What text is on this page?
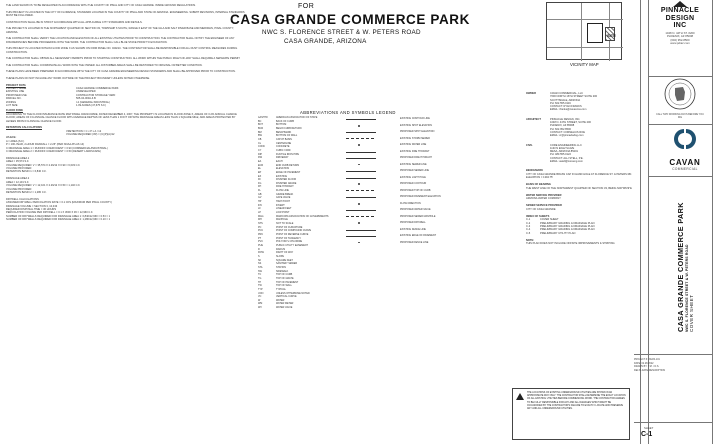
THE LAND SHOWN IS TO BE DEVELOPED IN ACCORDANCE WITH THE COUNTY OF PINAL AND CITY OF CASA GRANDE. INSIDE GROUND REGULATIONS.
THIS PROJECT IS LOCATED IN THE CITY OF FLORENCE, STANDARD LOCATED IN THE COUNTY OF PINAL AND STATE OF ARIZONA. ENGINEERING. SUBMIT REVISIONS, INTERNAL STANDARDS MUST BE FOLLOWED.
CONSTRUCTION SHALL BE IN STRICT ACCORDANCE WITH ALL APPLICABLE CITY STANDARDS AND DETAILS.
THE PROJECT IS LOCATED IN THE NORTHWEST QUARTER OF SECTION 33, TOWNSHIP 6 SOUTH, RANGE 6 EAST OF THE GILA AND SALT RIVER BASE AND MERIDIAN, PINAL COUNTY, ARIZONA.
THE CONTRACTOR SHALL VERIFY THE LOCATION AND ELEVATION OF ALL EXISTING UTILITIES PRIOR TO CONSTRUCTION. THE CONTRACTOR SHALL NOTIFY THE ENGINEER OF ANY DISCREPANCIES BEFORE PROCEEDING WITH THE WORK. THE CONTRACTOR SHALL CALL BLUE STAKE PRIOR TO EXCAVATION.
THIS PROJECT IS LOCATED WITHIN FLOOD ZONE X AS SHOWN ON FIRM PANEL NO. 04021C. THE CONTRACTOR SHALL BE RESPONSIBLE FOR ALL DUST CONTROL MEASURES DURING CONSTRUCTION.
THE CONTRACTOR SHALL OBTAIN ALL NECESSARY PERMITS PRIOR TO STARTING CONSTRUCTION. ALL WORK WITHIN THE PUBLIC RIGHT-OF-WAY SHALL REQUIRE A SEPARATE PERMIT.
THE CONTRACTOR SHALL COORDINATE ALL WORK WITH THE OWNER. ALL DISTURBED AREAS SHALL BE RESTORED TO ORIGINAL OR BETTER CONDITION.
THESE PLANS HAVE BEEN PREPARED IN ACCORDANCE WITH THE CITY OF CASA GRANDE ENGINEERING DESIGN STANDARDS AND SHALL BE APPROVED PRIOR TO CONSTRUCTION.
THESE PLANS DO NOT INCLUDE ANY WORK OUTSIDE OF THE PROJECT BOUNDARY UNLESS NOTED OTHERWISE.
PROJECT DATA
PROJECT NAME	CASA GRANDE COMMERCE PARK
EXISTING USE	UNDEVELOPED
PROPOSED USE	CONTRACTOR STORAGE YARD
PARCEL NO.	505-04-003A & B
ZONING	I-2 (GENERAL INDUSTRIAL)
LOT SIZE	1.09 ACRES (47,675 S.F.)
FLOOD ZONE
ACCORDING TO THE FLOOD INSURANCE RATE MAP PANEL 04021C0460E, DATED DECEMBER 4, 2007, THE PROPERTY IS LOCATED IN FLOOD ZONE X, AREAS OF 0.2% ANNUAL CHANCE FLOOD; AREAS OF 1% ANNUAL CHANCE FLOOD WITH AVERAGE DEPTHS OF LESS THAN 1 FOOT OR WITH DRAINAGE AREAS LESS THAN 1 SQUARE MILE; AND AREAS PROTECTED BY LEVEES FROM 1% ANNUAL CHANCE FLOOD.
RETENTION CALCULATIONS
VRETENTION = C x P x A / 12
VOLUME REQUIRED (VR) = (C)(P)(A)/12
WHERE:
A = AREA (S.F.)
P = 100-YEAR, 2-HOUR RAINFALL = 2.26" (PER NOAA ATLAS 14)
C DRAINAGE AREA 1 = RUNOFF COEFFICIENT = 0.90 (COMMERCIAL/INDUSTRIAL)
C DRAINAGE AREA 2 = RUNOFF COEFFICIENT = 0.50 (DESERT LANDSCAPE)
DRAINAGE AREA 1
AREA = 35,574 S.F.
VOLUME REQUIRED: V = 35,574 X 2.26/12 X 0.90 = 6,033 C.F.
VOLUME PROVIDED:
RETENTION BASIN 1 = 6,840 C.F.
DRAINAGE AREA 2
AREA = 12,101 S.F.
VOLUME REQUIRED: V = 12,101 X 2.26/12 X 0.50 = 1,140 C.F.
VOLUME PROVIDED:
RETENTION BASIN 2 = 1,280 C.F.
DRYWELL CALCULATIONS
ASSUMED DRYWELL PERCOLATION RATE = 0.1 CFS (MAXIMUM PER PINAL COUNTY)
DRAINAGE VOLUME = SECTION 3, 10,433
REQUIRED DISPOSAL TIME = 36 HOURS
PERCOLATION VOLUME PER DRYWELL = 0.1 X 3600 X 36 = 12,960 C.F.
NUMBER OF DRYWELLS REQUIRED FOR DRAINAGE AREA 1: 6,840/12,960 = 0.53 = 1
NUMBER OF DRYWELLS REQUIRED FOR DRAINAGE AREA 2: 1,280/12,960 = 0.10 = 1
FOR
CASA GRANDE COMMERCE PARK
NWC S. FLORENCE STREET & W. PETERS ROAD
CASA GRANDE, ARIZONA
SITE
VICINITY MAP
PINNACLE
DESIGN
INC
1048 N. 44TH ST. #200
PHOENIX, AZ 85008
(602) 952-8500
www.pdiaz.com
CALL TWO WORKING DAYS BEFORE YOU DIG
CAVAN
COMMERCIAL
CASA GRANDE COMMERCE PARK NWC S. FLORENCE STREET & W. PETERS ROAD COVER SHEET
ABBREVIATIONS AND SYMBOLS LEGEND
AASHTO	AMERICAN ASSOCIATION OF STATE
BC	BACK OF CURB
BOT	BOTTOM
BCR	BEGIN CURB RETURN
BM	BENCHMARK
BW	BOTTOM OF WALL
CB	CATCH BASIN
CL	CENTERLINE
CONC	CONCRETE
CY	CUBIC YARD
DIP	DUCTILE IRON PIPE
DW	DRIVEWAY
EA	EACH
ECR	END CURB RETURN
EL	ELEVATION
EP	EDGE OF PAVEMENT
EX	EXISTING
FF	FINISHED FLOOR
FG	FINISHED GRADE
FH	FIRE HYDRANT
FL	FLOW LINE
GB	GRADE BREAK
GV	GATE VALVE
HP	HIGH POINT
INV	INVERT
LF	LINEAR FEET
LP	LOW POINT
MAG	MARICOPA ASSOCIATION OF GOVERNMENTS
MH	MANHOLE
NTS	NOT TO SCALE
PC	POINT OF CURVATURE
PCC	POINT OF COMPOUND CURVE
PRC	POINT OF REVERSE CURVE
PT	POINT OF TANGENCY
PVC	POLYVINYL CHLORIDE
PUE	PUBLIC UTILITY EASEMENT
R	RADIUS
ROW	RIGHT OF WAY
S	SLOPE
SF	SQUARE FEET
SS	SANITARY SEWER
STA	STATION
SW	SIDEWALK
TC	TOP OF CURB
TG	TOP OF GRATE
TP	TOP OF PAVEMENT
TW	TOP OF WALL
TYP	TYPICAL
UON	UNLESS OTHERWISE NOTED
VC	VERTICAL CURVE
W	WATER
WM	WATER METER
WV	WATER VALVE
EXISTING CONTOUR LINE
EXISTING SPOT ELEVATION
PROPOSED SPOT ELEVATION
EXISTING STORM SEWER
EXISTING WATER LINE
EXISTING FIRE HYDRANT
PROPOSED FIRE HYDRANT
EXISTING SEWER LINE
PROPOSED SEWER LINE
EXISTING LIGHT POLE
PROPOSED CONTOUR
PROPOSED TOP OF CURB
PROPOSED PAVEMENT ELEVATION
FLOW DIRECTION
PROPOSED WATER VALVE
PROPOSED SEWER MANHOLE
PROPOSED DRYWELL
EXISTING FENCE LINE
EXISTING EDGE OF PAVEMENT
PROPOSED FENCE LINE
OWNER	CAVAN COMMERCIAL, LLC
7600 NORTH 16TH STREET SUITE 200
SCOTTSDALE, ARIZONA
PH: 602.555.0119
CONTACT: RYAN FRANKS
EMAIL: rfranks@cavancos.com
ARCHITECT	PINNACLE DESIGN, INC.
1048 N. 44TH STREET, SUITE 200
PHOENIX, AZ 85008
PH: 602.952.8500
CONTACT: CORNELIUS ROE
EMAIL: cr@pinnacledsg.com
CIVIL	CORE ENGINEERING LLC
1133 N EIGHTH AVE
MESA, ARIZONA 85201
PH: 480.555.0122
CONTACT: ALLI STELL, P.E.
EMAIL: astell@coreeng.com
BENCHMARK
CITY OF CASA GRANDE BRASS CAP IN HAND HOLE AT FLORENCE ST. & PETERS RD. ELEVATION = 1394.75'
BASIS OF BEARING
THE WEST LINE OF THE NORTHWEST QUARTER OF SECTION 33, BEING N00°08'29"E
WATER SERVICE PROVIDER
ARIZONA WATER COMPANY
SEWER SERVICE PROVIDER
CITY OF CASA GRANDE
INDEX OF SHEETS
C-1	COVER SHEET
C-2	PRELIMINARY GRADING & DRAINAGE PLAN
C-3	PRELIMINARY GRADING & DRAINAGE PLAN
C-4	PRELIMINARY GRADING & DRAINAGE PLAN
C-5	PRELIMINARY UTILITY PLAN
NOTE:
THIS PLAN DOES NOT INCLUDE OFFSITE IMPROVEMENTS & STRIPING
THE LOCATIONS OF EXISTING UNDERGROUND UTILITIES ARE SHOWN IN AN APPROXIMATE WAY ONLY. THE CONTRACTOR SHALL DETERMINE THE EXACT LOCATION OF ALL EXISTING UTILITIES BEFORE COMMENCING WORK. THE CONTRACTOR AGREES TO BE FULLY RESPONSIBLE FOR ANY AND ALL DAMAGES WHICH MIGHT BE OCCASIONED BY THE CONTRACTOR'S FAILURE TO EXACTLY LOCATE AND PRESERVE ANY AND ALL UNDERGROUND UTILITIES.
PROJECT #: 20220-101
DATE: 02.28.2022
DRAWN BY: T.M. / D.S.
DELTA DATE DESCRIPTION
SHEET
C-1
